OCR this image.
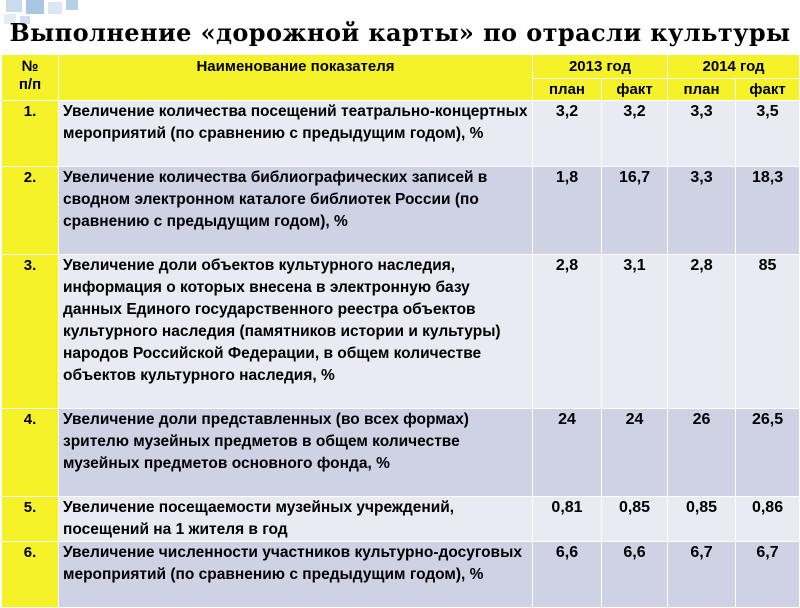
Выполнение «дорожной карты» по отрасли культуры
№ п/п	Наименование показателя	2013 год		2014 год	
		план	факт	план	факт
1.	Увеличение количества посещений театрально-концертных мероприятий (по сравнению с предыдущим годом), %	3,2	3,2	3,3	3,5
2.	Увеличение количества библиографических записей в сводном электронном каталоге библиотек России (по сравнению с предыдущим годом), %	1,8	16,7	3,3	18,3
3.	Увеличение доли объектов культурного наследия, информация о которых внесена в электронную базу данных Единого государственного реестра объектов культурного наследия (памятников истории и культуры) народов Российской Федерации, в общем количестве объектов культурного наследия, %	2,8	3,1	2,8	85
4.	Увеличение доли представленных (во всех формах) зрителю музейных предметов в общем количестве музейных предметов основного фонда, %	24	24	26	26,5
5.	Увеличение посещаемости музейных учреждений, посещений на 1 жителя в год	0,81	0,85	0,85	0,86
6.	Увеличение численности участников культурно-досуговых мероприятий (по сравнению с предыдущим годом), %	6,6	6,6	6,7	6,7
